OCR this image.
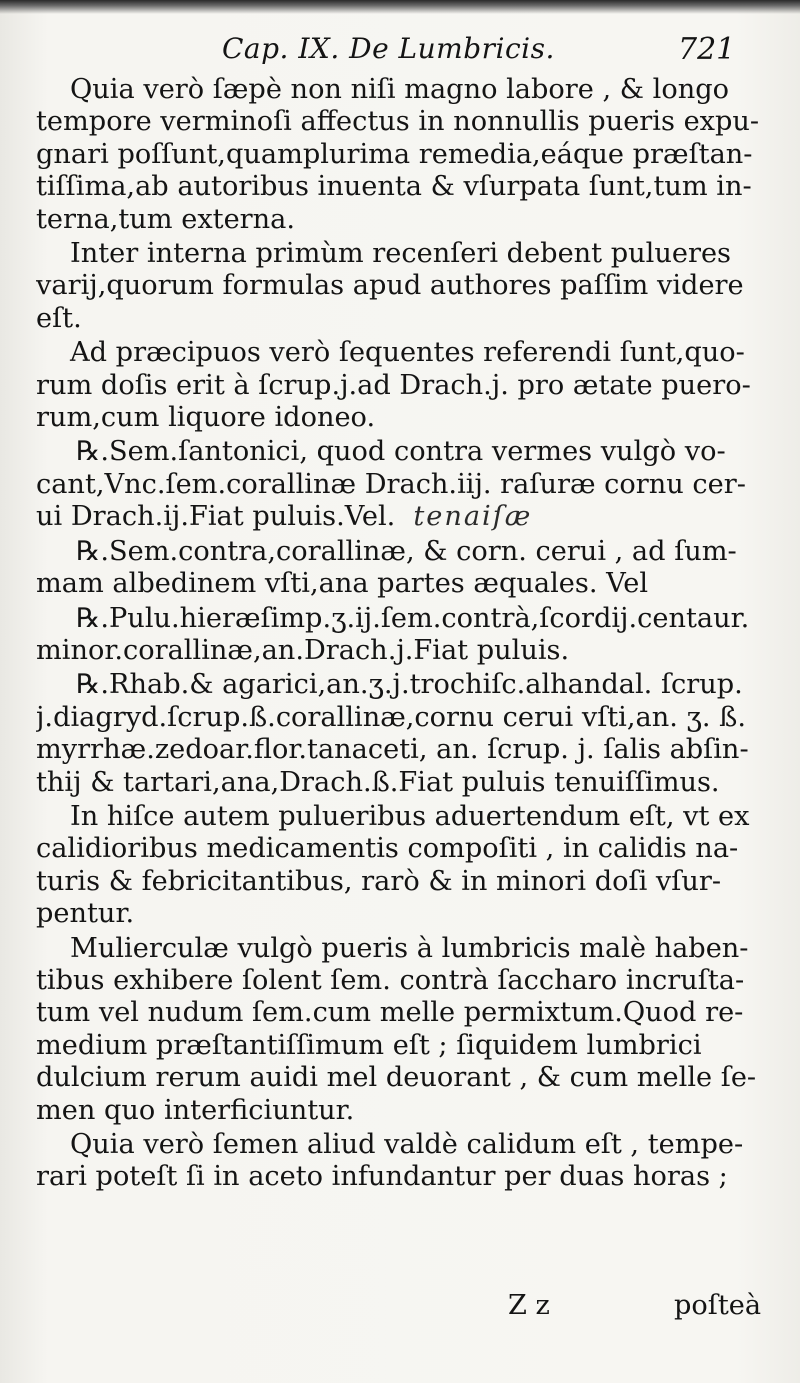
Cap. IX. De Lumbricis.	721
Quia verò ſæpè non niſi magno labore , & longo
tempore verminoſi affectus in nonnullis pueris expu-
gnari poſſunt,quamplurima remedia,eáque præſtan-
tiſſima,ab autoribus inuenta & vſurpata ſunt,tum in-
terna,tum externa.
Inter interna primùm recenſeri debent pulueres
varij,quorum formulas apud authores paſſim videre
eſt.
Ad præcipuos verò ſequentes referendi ſunt,quo-
rum doſis erit à ſcrup.j.ad Drach.j. pro ætate puero-
rum,cum liquore idoneo.
℞.Sem.ſantonici, quod contra vermes vulgò vo-
cant,Vnc.ſem.corallinæ Drach.iij. raſuræ cornu cer-
ui Drach.ij.Fiat puluis.Vel. tenaiſæ
℞.Sem.contra,corallinæ, & corn. cerui , ad ſum-
mam albedinem vſti,ana partes æquales. Vel
℞.Pulu.hieræſimp.ʒ.ij.ſem.contrà,ſcordij.centaur.
minor.corallinæ,an.Drach.j.Fiat puluis.
℞.Rhab.& agarici,an.ʒ.j.trochiſc.alhandal. ſcrup.
j.diagryd.ſcrup.ß.corallinæ,cornu cerui vſti,an. ʒ. ß.
myrrhæ.zedoar.flor.tanaceti, an. ſcrup. j. ſalis abſin-
thij & tartari,ana,Drach.ß.Fiat puluis tenuiſſimus.
In hiſce autem pulueribus aduertendum eſt, vt ex
calidioribus medicamentis compoſiti , in calidis na-
turis & febricitantibus, rarò & in minori doſi vſur-
pentur.
Mulierculæ vulgò pueris à lumbricis malè haben-
tibus exhibere ſolent ſem. contrà ſaccharo incruſta-
tum vel nudum ſem.cum melle permixtum.Quod re-
medium præſtantiſſimum eſt ; ſiquidem lumbrici
dulcium rerum auidi mel deuorant , & cum melle ſe-
men quo interficiuntur.
Quia verò ſemen aliud valdè calidum eſt , tempe-
rari poteſt ſi in aceto infundantur per duas horas ;
Z z	poſteà
